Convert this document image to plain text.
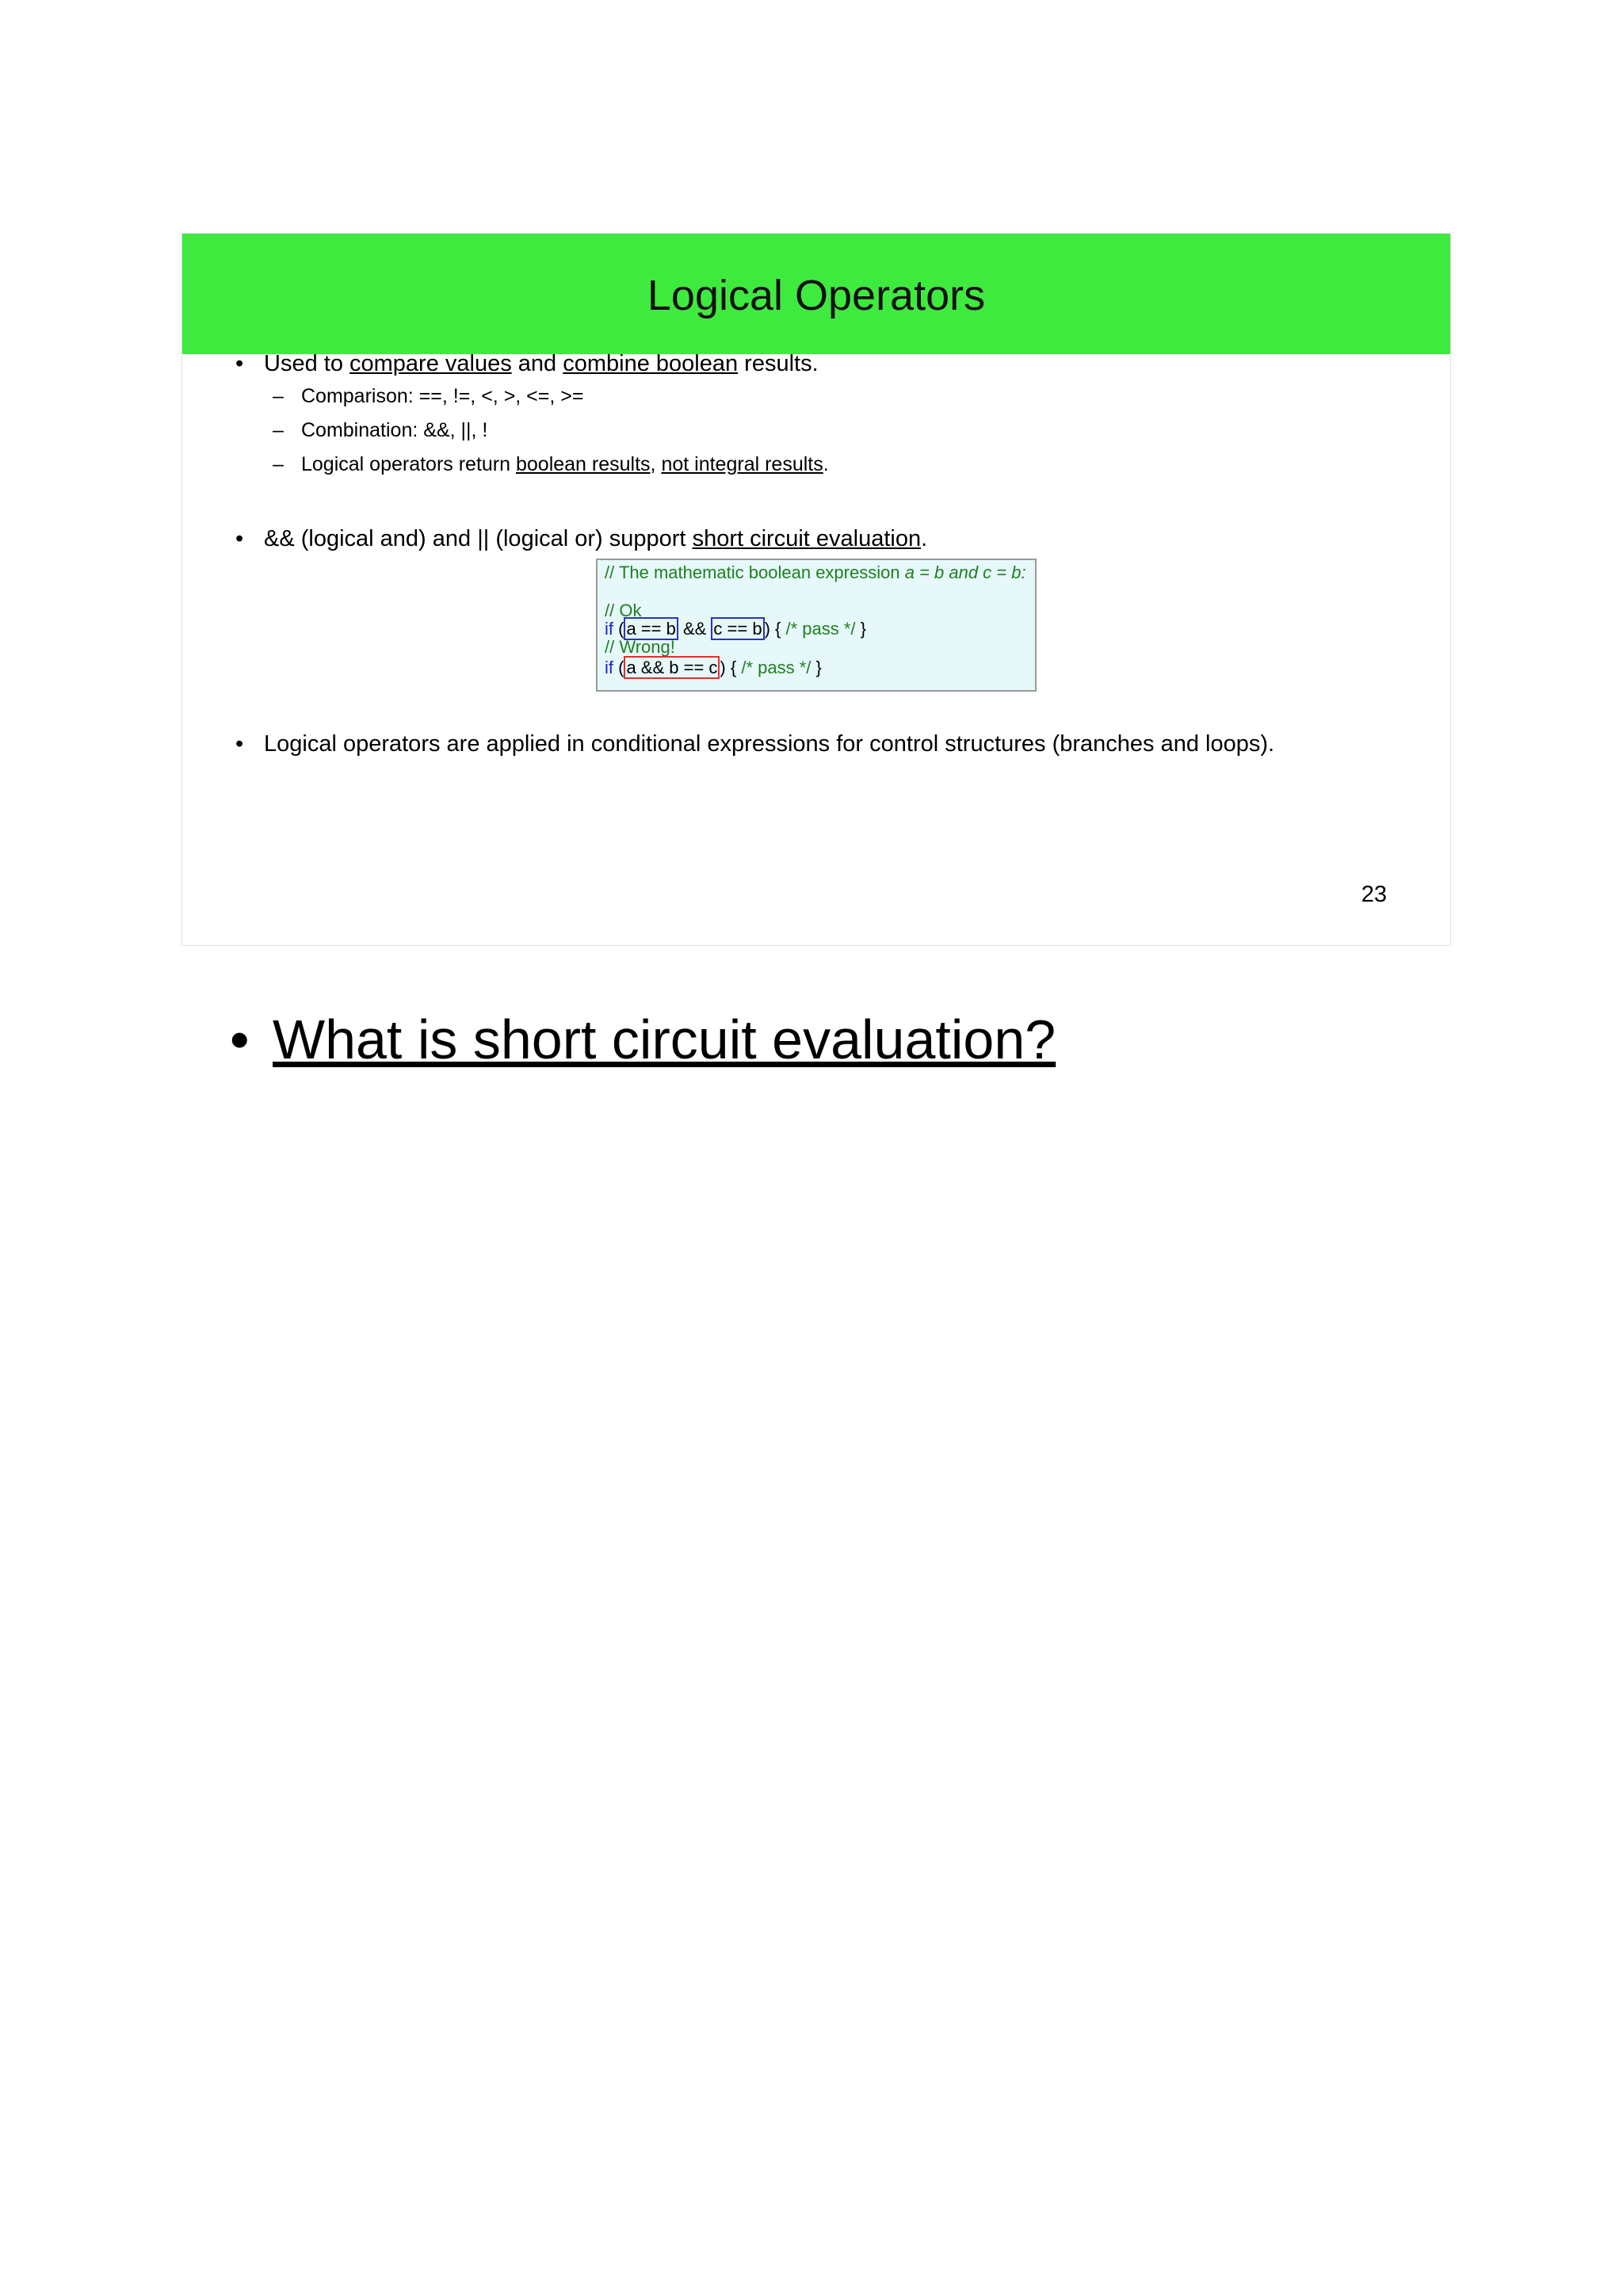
Logical Operators
• Used to compare values and combine boolean results.
– Comparison: ==, !=, <, >, <=, >=
– Combination: &&, ||, !
– Logical operators return boolean results, not integral results.
• && (logical and) and || (logical or) support short circuit evaluation.
// The mathematic boolean expression a = b and c = b:
// Ok
if ( a == b && c == b ) { /* pass */ }
// Wrong!
if ( a && b == c ) { /* pass */ }
• Logical operators are applied in conditional expressions for control structures (branches and loops).
23
• What is short circuit evaluation?
